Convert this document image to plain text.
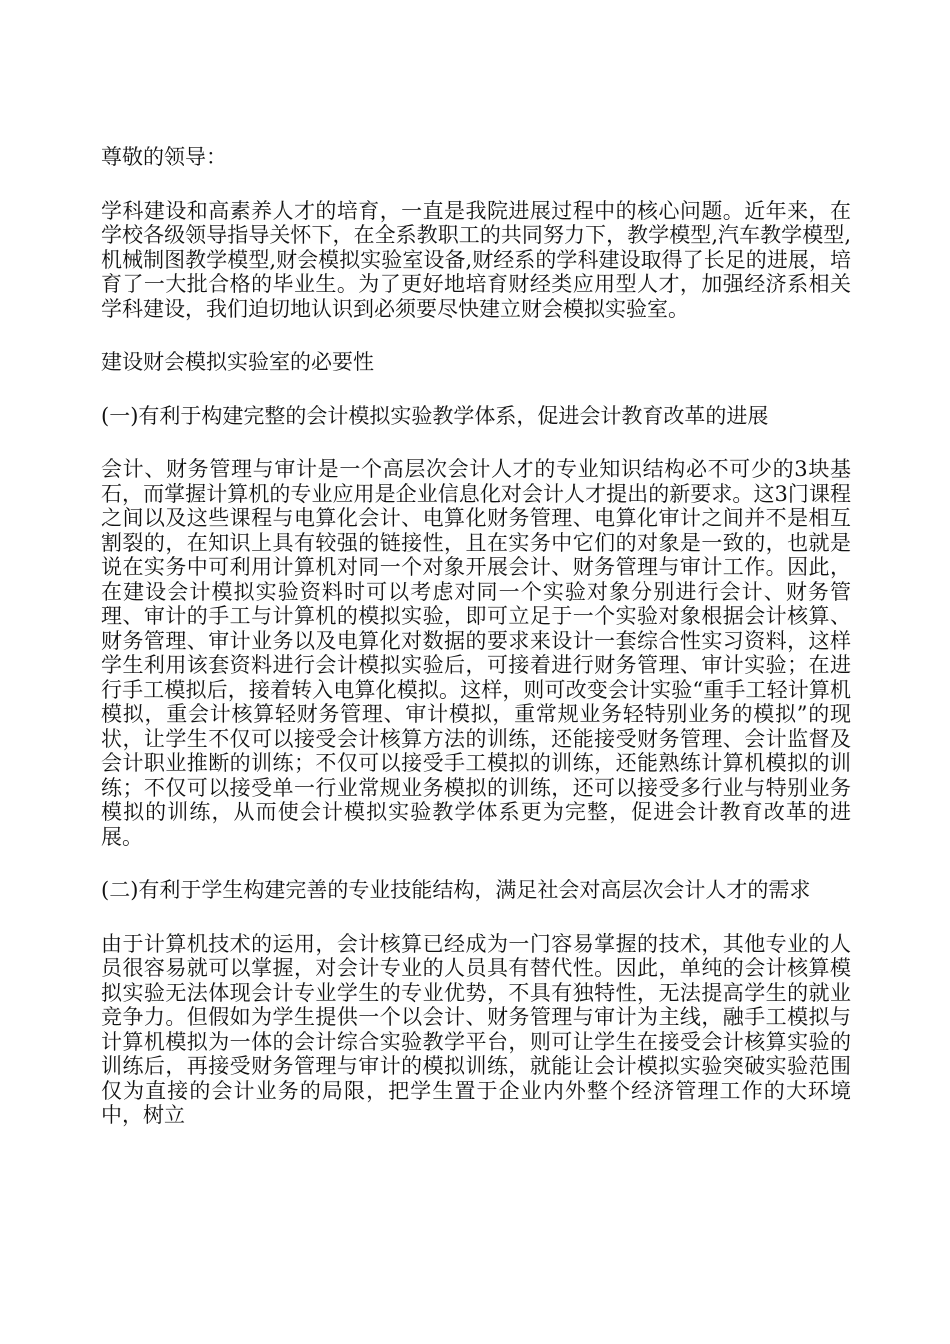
尊敬的领导：

学科建设和高素养人才的培育，一直是我院进展过程中的核心问题。近年来，在学校各级领导指导关怀下，在全系教职工的共同努力下，教学模型,汽车教学模型,机械制图教学模型,财会模拟实验室设备,财经系的学科建设取得了长足的进展，培育了一大批合格的毕业生。为了更好地培育财经类应用型人才，加强经济系相关学科建设，我们迫切地认识到必须要尽快建立财会模拟实验室。

建设财会模拟实验室的必要性

(一)有利于构建完整的会计模拟实验教学体系，促进会计教育改革的进展

会计、财务管理与审计是一个高层次会计人才的专业知识结构必不可少的3块基石，而掌握计算机的专业应用是企业信息化对会计人才提出的新要求。这3门课程之间以及这些课程与电算化会计、电算化财务管理、电算化审计之间并不是相互割裂的，在知识上具有较强的链接性，且在实务中它们的对象是一致的，也就是说在实务中可利用计算机对同一个对象开展会计、财务管理与审计工作。因此，在建设会计模拟实验资料时可以考虑对同一个实验对象分别进行会计、财务管理、审计的手工与计算机的模拟实验，即可立足于一个实验对象根据会计核算、财务管理、审计业务以及电算化对数据的要求来设计一套综合性实习资料，这样学生利用该套资料进行会计模拟实验后，可接着进行财务管理、审计实验；在进行手工模拟后，接着转入电算化模拟。这样，则可改变会计实验“重手工轻计算机模拟，重会计核算轻财务管理、审计模拟，重常规业务轻特别业务的模拟”的现状，让学生不仅可以接受会计核算方法的训练，还能接受财务管理、会计监督及会计职业推断的训练；不仅可以接受手工模拟的训练，还能熟练计算机模拟的训练；不仅可以接受单一行业常规业务模拟的训练，还可以接受多行业与特别业务模拟的训练，从而使会计模拟实验教学体系更为完整，促进会计教育改革的进展。

(二)有利于学生构建完善的专业技能结构，满足社会对高层次会计人才的需求

由于计算机技术的运用，会计核算已经成为一门容易掌握的技术，其他专业的人员很容易就可以掌握，对会计专业的人员具有替代性。因此，单纯的会计核算模拟实验无法体现会计专业学生的专业优势，不具有独特性，无法提高学生的就业竞争力。但假如为学生提供一个以会计、财务管理与审计为主线，融手工模拟与计算机模拟为一体的会计综合实验教学平台，则可让学生在接受会计核算实验的训练后，再接受财务管理与审计的模拟训练，就能让会计模拟实验突破实验范围仅为直接的会计业务的局限，把学生置于企业内外整个经济管理工作的大环境中，树立
